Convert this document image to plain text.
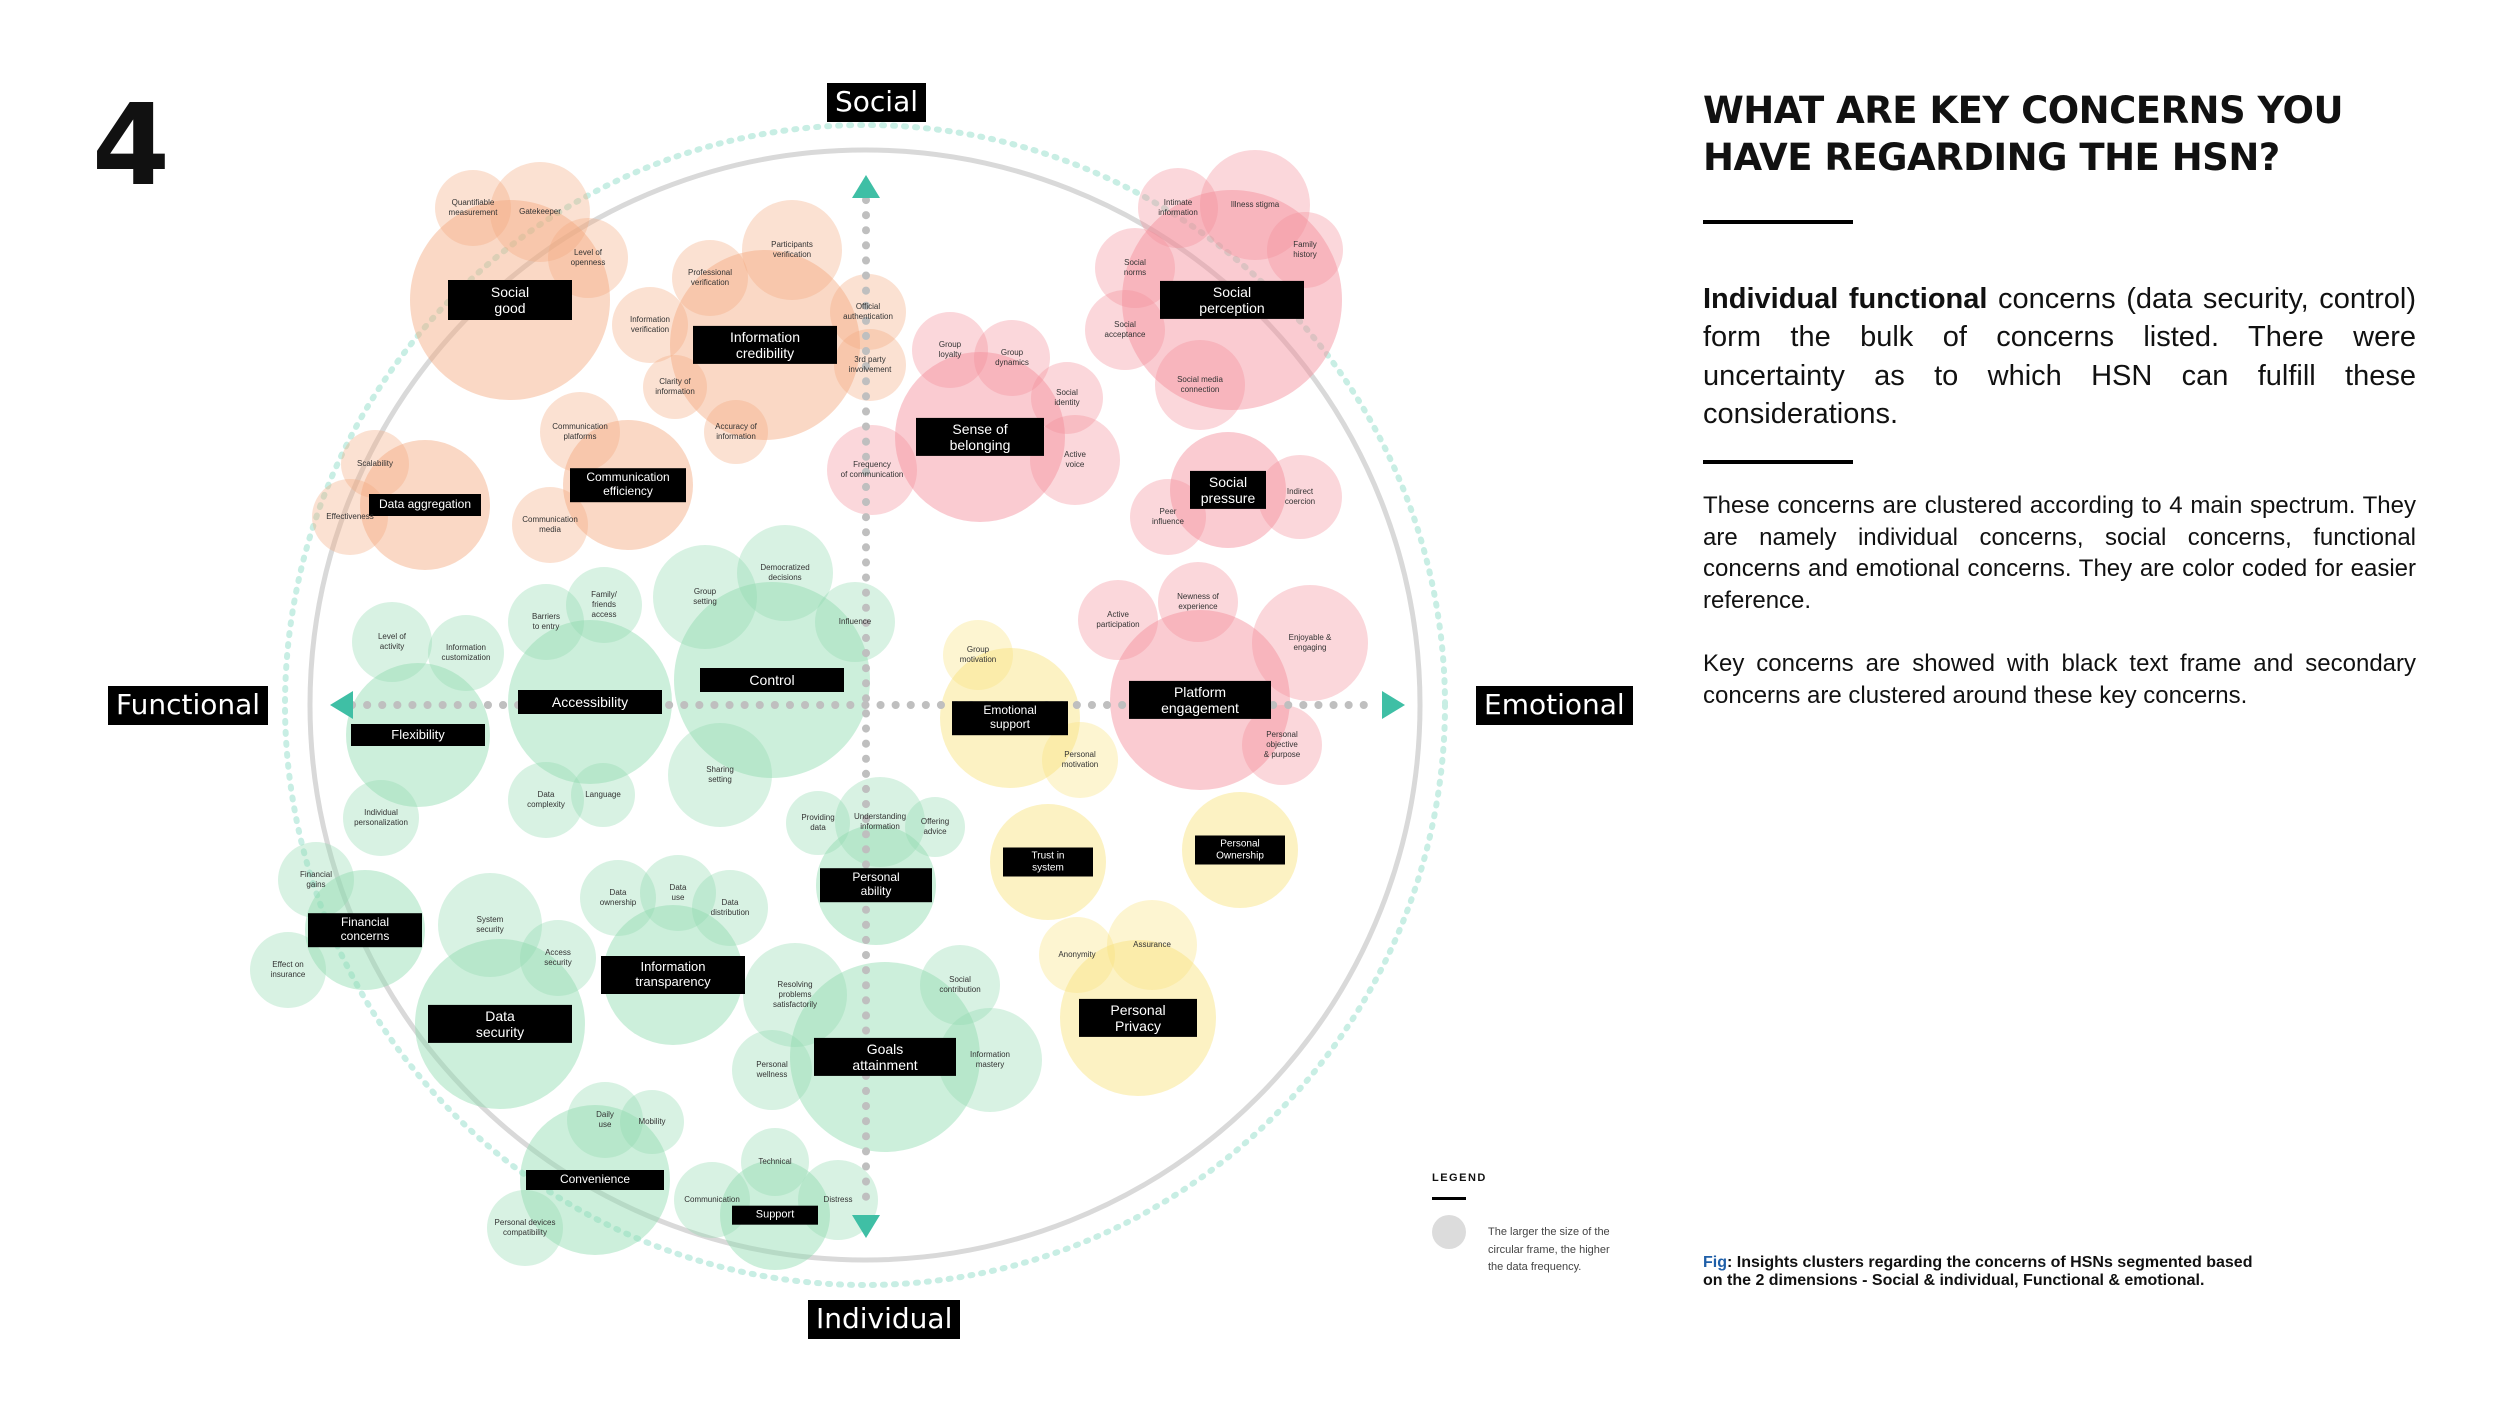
4
Social
good
Information
credibility
Data aggregation
Communication
efficiency
Social
perception
Sense of
belonging
Social
pressure
Platform
engagement
Accessibility
Control
Flexibility
Financial
concerns
Data
security
Information
transparency
Personal
ability
Goals
attainment
Convenience
Support
Emotional
support
Trust in
system
Personal
Ownership
Personal Privacy
Quantifiable
measurement	Gatekeeper
Level of
openness
Participants
verification
Professional
verification
Information
verification
Official
authentication
3rd party
involvement
Clarity of
information
Accuracy of
information
Communication
platforms
Scalability
Effectiveness	Communication
media
Frequency
of communication
Intimate
information
Illness stigma
Family
history
Social
norms
Social
acceptance
Social media
connection
Group
loyalty	Group
dynamics
Social
identity
Active
voice
Peer
influence
Indirect
coercion
Active
participation
Newness of
experience
Enjoyable &
engaging
Personal
objective
& purpose
Family/
friends
access
Barriers
to entry
Democratized
decisions
Group
setting
Influence
Level of
activity	Information
customization
Sharing
setting
Data
complexity
Language
Individual
personalization
Providing
data
Understanding
information
Offering
advice
Financial
gains
Effect on
insurance
System
security
Access
security
Data
ownership
Data
use
Data
distribution
Resolving
problems
satisfactorily
Social
contribution
Information
mastery
Personal
wellness
Daily
use	Mobility
Technical
Communication	Distress
Personal devices
compatibility
Group
motivation
Personal
motivation
Anonymity
Assurance
Social
Individual
Functional	Emotional
WHAT ARE KEY CONCERNS YOU HAVE REGARDING THE HSN?

Individual functional concerns (data security, control) form the bulk of concerns listed. There were uncertainty as to which HSN can fulfill these considerations.

These concerns are clustered according to 4 main spectrum. They are namely individual concerns, social concerns, functional concerns and emotional concerns. They are color coded for easier reference.

Key concerns are showed with black text frame and secondary concerns are clustered around these key concerns.

LEGEND
The larger the size of the circular frame, the higher the data frequency.	Fig: Insights clusters regarding the concerns of HSNs segmented based on the 2 dimensions - Social & individual, Functional & emotional.
